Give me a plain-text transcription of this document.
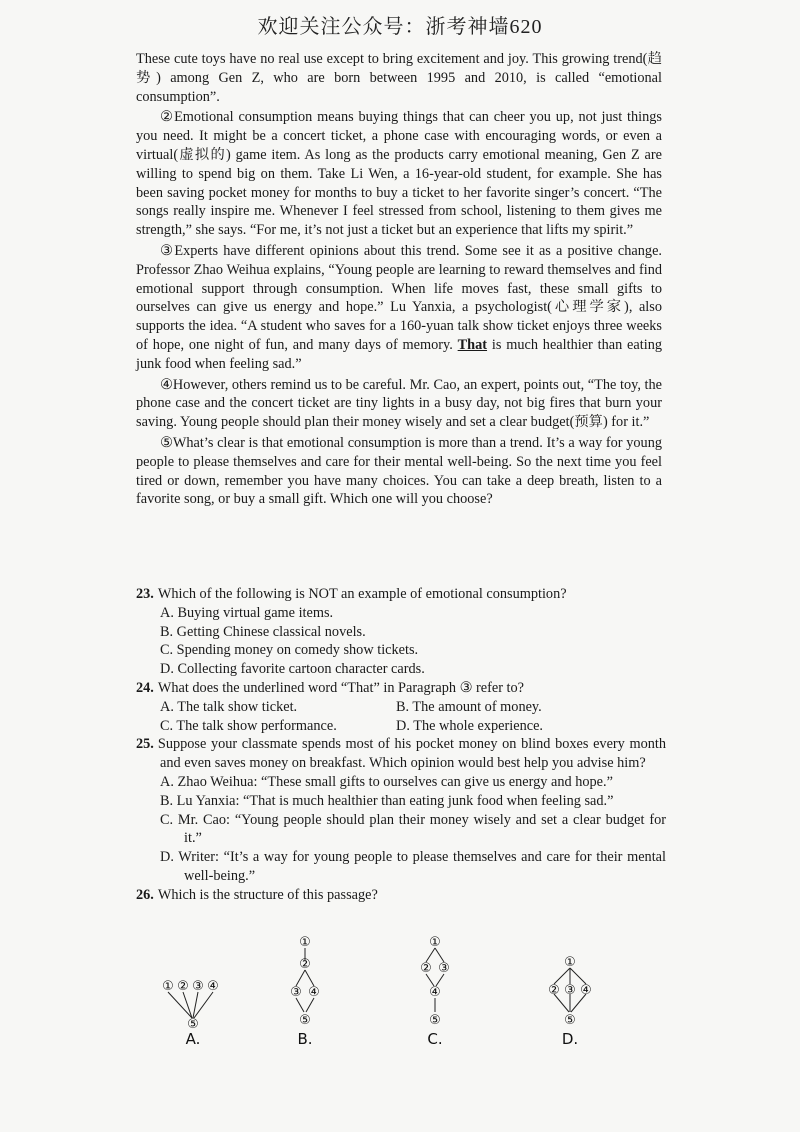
欢迎关注公众号：浙考神墙620

These cute toys have no real use except to bring excitement and joy. This growing trend(趋势) among Gen Z, who are born between 1995 and 2010, is called “emotional consumption”.

②Emotional consumption means buying things that can cheer you up, not just things you need. It might be a concert ticket, a phone case with encouraging words, or even a virtual(虚拟的) game item. As long as the products carry emotional meaning, Gen Z are willing to spend big on them. Take Li Wen, a 16-year-old student, for example. She has been saving pocket money for months to buy a ticket to her favorite singer’s concert. “The songs really inspire me. Whenever I feel stressed from school, listening to them gives me strength,” she says. “For me, it’s not just a ticket but an experience that lifts my spirit.”

③Experts have different opinions about this trend. Some see it as a positive change. Professor Zhao Weihua explains, “Young people are learning to reward themselves and find emotional support through consumption. When life moves fast, these small gifts to ourselves can give us energy and hope.” Lu Yanxia, a psychologist(心理学家), also supports the idea. “A student who saves for a 160-yuan talk show ticket enjoys three weeks of hope, one night of fun, and many days of memory. That is much healthier than eating junk food when feeling sad.”

④However, others remind us to be careful. Mr. Cao, an expert, points out, “The toy, the phone case and the concert ticket are tiny lights in a busy day, not big fires that burn your saving. Young people should plan their money wisely and set a clear budget(预算) for it.”

⑤What’s clear is that emotional consumption is more than a trend. It’s a way for young people to please themselves and care for their mental well-being. So the next time you feel tired or down, remember you have many choices. You can take a deep breath, listen to a favorite song, or buy a small gift. Which one will you choose?

23. Which of the following is NOT an example of emotional consumption?

A. Buying virtual game items.
B. Getting Chinese classical novels.
C. Spending money on comedy show tickets.
D. Collecting favorite cartoon character cards.

24. What does the underlined word “That” in Paragraph ③ refer to?

A. The talk show ticket.	B. The amount of money.
C. The talk show performance.	D. The whole experience.

25. Suppose your classmate spends most of his pocket money on blind boxes every month and even saves money on breakfast. Which opinion would best help you advise him?

A. Zhao Weihua: “These small gifts to ourselves can give us energy and hope.”
B. Lu Yanxia: “That is much healthier than eating junk food when feeling sad.”
C. Mr. Cao: “Young people should plan their money wisely and set a clear budget for it.”
D. Writer: “It’s a way for young people to please themselves and care for their mental well-being.”

26. Which is the structure of this passage?

① ② ③ ④
⑤
A.
①
②
③ ④
⑤
B.
①
② ③
④
⑤
C.
①
② ③ ④
⑤
D.
